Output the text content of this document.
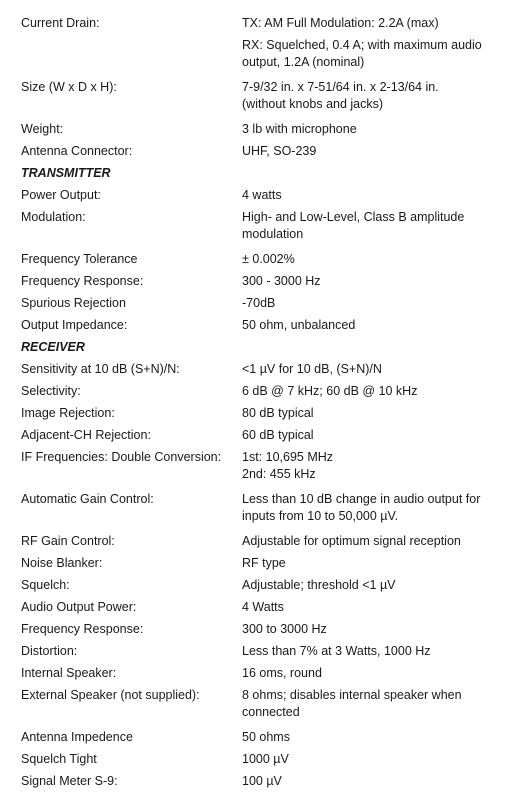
Current Drain:	TX: AM Full Modulation: 2.2A (max)
RX: Squelched, 0.4 A; with maximum audio
output, 1.2A (nominal)
Size (W x D x H):	7-9/32 in. x 7-51/64 in. x 2-13/64 in.
(without knobs and jacks)
Weight:	3 lb with microphone
Antenna Connector:	UHF, SO-239
TRANSMITTER
Power Output:	4 watts
Modulation:	High- and Low-Level, Class B amplitude
modulation
Frequency Tolerance	± 0.002%
Frequency Response:	300 - 3000 Hz
Spurious Rejection	-70dB
Output Impedance:	50 ohm, unbalanced
RECEIVER
Sensitivity at 10 dB (S+N)/N:	<1 µV for 10 dB, (S+N)/N
Selectivity:	6 dB @ 7 kHz; 60 dB @ 10 kHz
Image Rejection:	80 dB typical
Adjacent-CH Rejection:	60 dB typical
IF Frequencies: Double Conversion:	1st: 10,695 MHz
2nd: 455 kHz
Automatic Gain Control:	Less than 10 dB change in audio output for
inputs from 10 to 50,000 µV.
RF Gain Control:	Adjustable for optimum signal reception
Noise Blanker:	RF type
Squelch:	Adjustable; threshold <1 µV
Audio Output Power:	4 Watts
Frequency Response:	300 to 3000 Hz
Distortion:	Less than 7% at 3 Watts, 1000 Hz
Internal Speaker:	16 oms, round
External Speaker (not supplied):	8 ohms; disables internal speaker when
connected
Antenna Impedence	50 ohms
Squelch Tight	1000 µV
Signal Meter S-9:	100 µV
